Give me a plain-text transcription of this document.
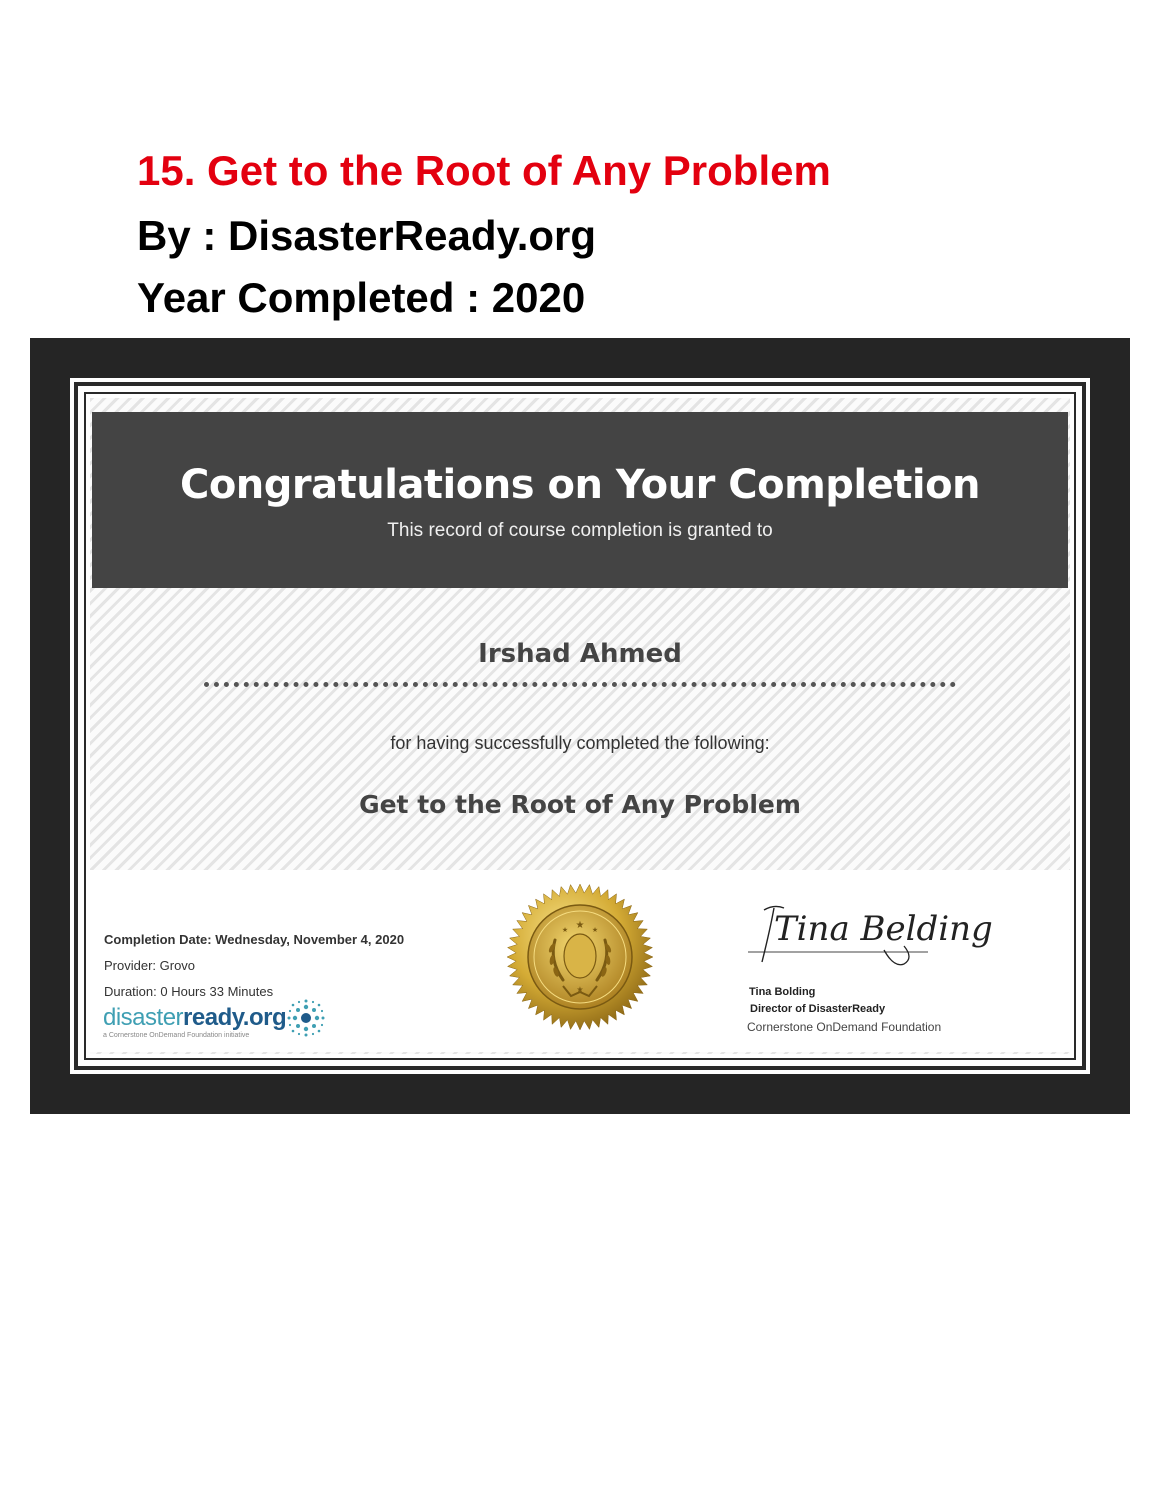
15. Get to the Root of Any Problem
By : DisasterReady.org
Year Completed : 2020
Congratulations on Your Completion
This record of course completion is granted to
Irshad Ahmed
for having successfully completed the following:
Get to the Root of Any Problem
Completion Date: Wednesday, November 4, 2020
Provider: Grovo
Duration: 0 Hours 33 Minutes
disasterready.org
a Cornerstone OnDemand Foundation initiative
★
★	★
★
Tina Belding
Tina Bolding
Director of DisasterReady
Cornerstone OnDemand Foundation
